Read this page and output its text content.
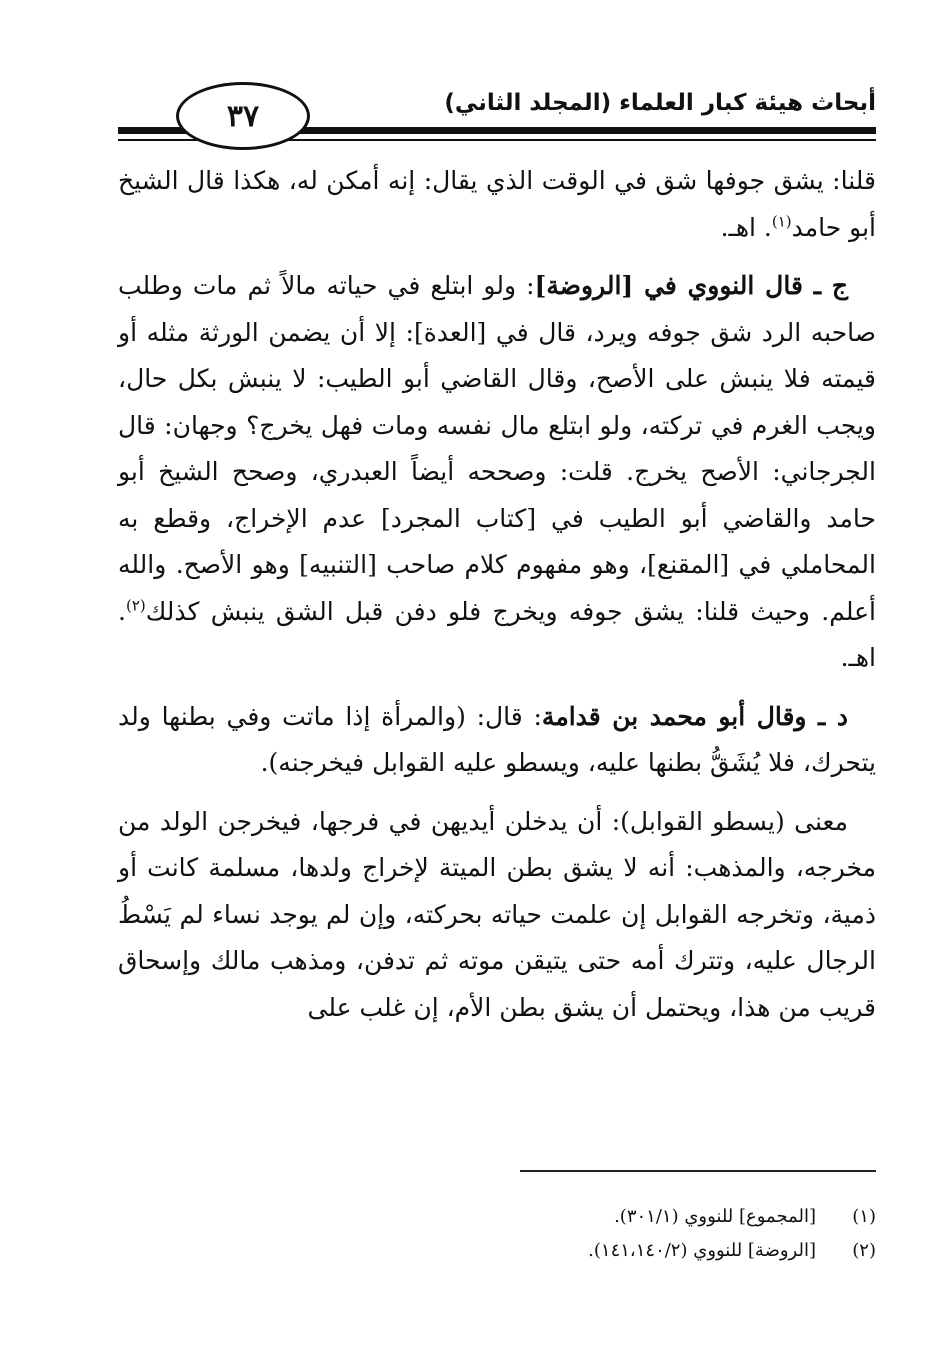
٣٧	أبحاث هيئة كبار العلماء (المجلد الثاني)

قلنا: يشق جوفها شق في الوقت الذي يقال: إنه أمكن له، هكذا قال الشيخ أبو حامد$^{(١)}$. اهـ.

ج ـ قال النووي في [الروضة]: ولو ابتلع في حياته مالاً ثم مات وطلب صاحبه الرد شق جوفه ويرد، قال في [العدة]: إلا أن يضمن الورثة مثله أو قيمته فلا ينبش على الأصح، وقال القاضي أبو الطيب: لا ينبش بكل حال، ويجب الغرم في تركته، ولو ابتلع مال نفسه ومات فهل يخرج؟ وجهان: قال الجرجاني: الأصح يخرج. قلت: وصححه أيضاً العبدري، وصحح الشيخ أبو حامد والقاضي أبو الطيب في [كتاب المجرد] عدم الإخراج، وقطع به المحاملي في [المقنع]، وهو مفهوم كلام صاحب [التنبيه] وهو الأصح. والله أعلم. وحيث قلنا: يشق جوفه ويخرج فلو دفن قبل الشق ينبش كذلك$^{(٢)}$. اهـ.

د ـ وقال أبو محمد بن قدامة: قال: (والمرأة إذا ماتت وفي بطنها ولد يتحرك، فلا يُشَقُّ بطنها عليه، ويسطو عليه القوابل فيخرجنه).

معنى (يسطو القوابل): أن يدخلن أيديهن في فرجها، فيخرجن الولد من مخرجه، والمذهب: أنه لا يشق بطن الميتة لإخراج ولدها، مسلمة كانت أو ذمية، وتخرجه القوابل إن علمت حياته بحركته، وإن لم يوجد نساء لم يَسْطُ الرجال عليه، وتترك أمه حتى يتيقن موته ثم تدفن، ومذهب مالك وإسحاق قريب من هذا، ويحتمل أن يشق بطن الأم، إن غلب على

(١)
[المجموع] للنووي (٣٠١/١).
(٢)
[الروضة] للنووي (١٤١،١٤٠/٢).
